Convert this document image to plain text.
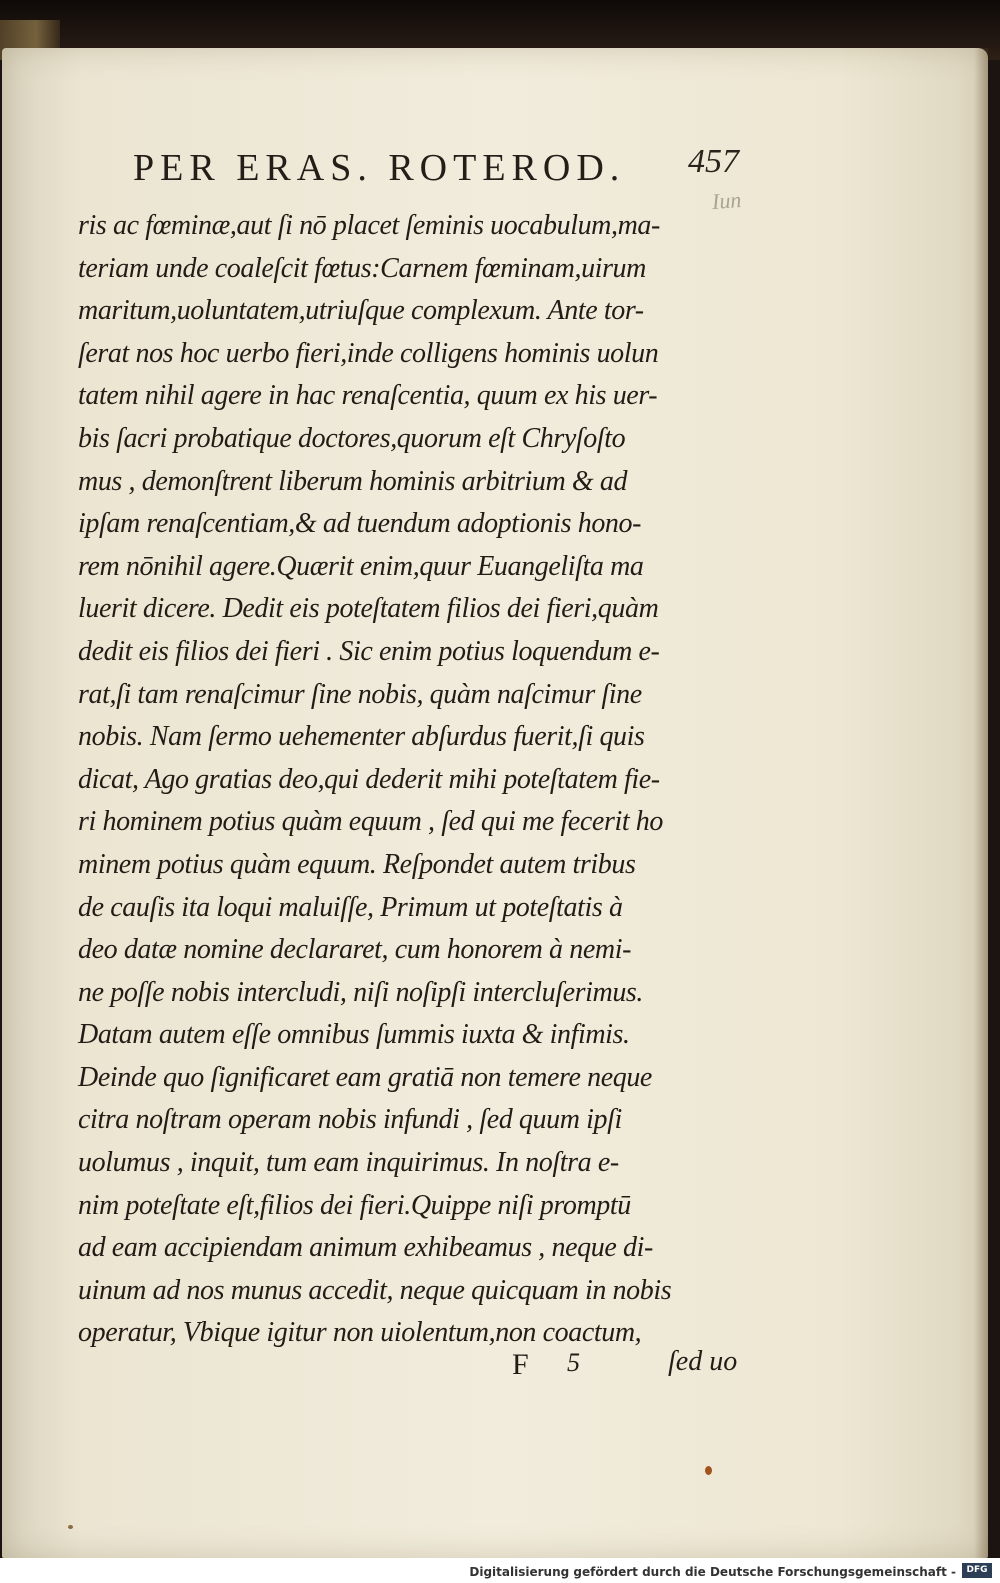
PER ERAS. ROTEROD. 457
Iun
ris ac fœminæ,aut ſi nō placet ſeminis uocabulum,ma-
teriam unde coaleſcit fœtus:Carnem fœminam,uirum
maritum,uoluntatem,utriuſque complexum. Ante tor-
ſerat nos hoc uerbo fieri,inde colligens hominis uolun
tatem nihil agere in hac renaſcentia, quum ex his uer-
bis ſacri probatique doctores,quorum eſt Chryſoſto
mus , demonſtrent liberum hominis arbitrium & ad
ipſam renaſcentiam,& ad tuendum adoptionis hono-
rem nōnihil agere.Quærit enim,quur Euangeliſta ma
luerit dicere. Dedit eis poteſtatem filios dei fieri,quàm
dedit eis filios dei fieri . Sic enim potius loquendum e-
rat,ſi tam renaſcimur ſine nobis, quàm naſcimur ſine
nobis. Nam ſermo uehementer abſurdus fuerit,ſi quis
dicat, Ago gratias deo,qui dederit mihi poteſtatem fie-
ri hominem potius quàm equum , ſed qui me fecerit ho
minem potius quàm equum. Reſpondet autem tribus
de cauſis ita loqui maluiſſe, Primum ut poteſtatis à
deo datæ nomine declararet, cum honorem à nemi-
ne poſſe nobis intercludi, niſi noſipſi intercluſerimus.
Datam autem eſſe omnibus ſummis iuxta & infimis.
Deinde quo ſignificaret eam gratiā non temere neque
citra noſtram operam nobis infundi , ſed quum ipſi
uolumus , inquit, tum eam inquirimus. In noſtra e-
nim poteſtate eſt,filios dei fieri.Quippe niſi promptū
ad eam accipiendam animum exhibeamus , neque di-
uinum ad nos munus accedit, neque quicquam in nobis
operatur, Vbique igitur non uiolentum,non coactum,
F 5	ſed uo
Digitalisierung gefördert durch die Deutsche Forschungsgemeinschaft -	DFG
